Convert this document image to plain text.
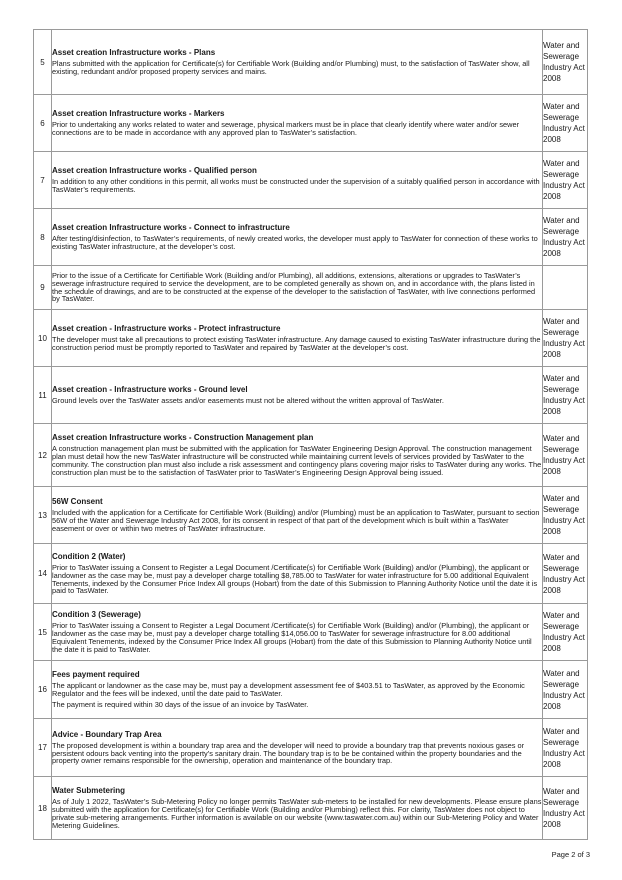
5	Asset creation Infrastructure works - Plans
Plans submitted with the application for Certificate(s) for Certifiable Work (Building and/or Plumbing) must, to the satisfaction of TasWater show, all existing, redundant and/or proposed property services and mains.	Water and Sewerage Industry Act 2008
6	Asset creation Infrastructure works - Markers
Prior to undertaking any works related to water and sewerage, physical markers must be in place that clearly identify where water and/or sewer connections are to be made in accordance with any approved plan to TasWater’s satisfaction.	Water and Sewerage Industry Act 2008
7	Asset creation Infrastructure works - Qualified person
In addition to any other conditions in this permit, all works must be constructed under the supervision of a suitably qualified person in accordance with TasWater’s requirements.	Water and Sewerage Industry Act 2008
8	Asset creation Infrastructure works - Connect to infrastructure
After testing/disinfection, to TasWater’s requirements, of newly created works, the developer must apply to TasWater for connection of these works to existing TasWater infrastructure, at the developer’s cost.	Water and Sewerage Industry Act 2008
9	Prior to the issue of a Certificate for Certifiable Work (Building and/or Plumbing), all additions, extensions, alterations or upgrades to TasWater’s sewerage infrastructure required to service the development, are to be completed generally as shown on, and in accordance with, the plans listed in the schedule of drawings, and are to be constructed at the expense of the developer to the satisfaction of TasWater, with live connections performed by TasWater.	

10	Asset creation - Infrastructure works - Protect infrastructure
The developer must take all precautions to protect existing TasWater infrastructure. Any damage caused to existing TasWater infrastructure during the construction period must be promptly reported to TasWater and repaired by TasWater at the developer’s cost.	Water and Sewerage Industry Act 2008
11	Asset creation - Infrastructure works - Ground level
Ground levels over the TasWater assets and/or easements must not be altered without the written approval of TasWater.	Water and Sewerage Industry Act 2008
12	Asset creation Infrastructure works - Construction Management plan
A construction management plan must be submitted with the application for TasWater Engineering Design Approval. The construction management plan must detail how the new TasWater infrastructure will be constructed while maintaining current levels of services provided by TasWater to the community. The construction plan must also include a risk assessment and contingency plans covering major risks to TasWater during any works. The construction plan must be to the satisfaction of TasWater prior to TasWater’s Engineering Design Approval being issued.	Water and Sewerage Industry Act 2008
13	56W Consent
Included with the application for a Certificate for Certifiable Work (Building) and/or (Plumbing) must be an application to TasWater, pursuant to section 56W of the Water and Sewerage Industry Act 2008, for its consent in respect of that part of the development which is built within a TasWater easement or over or within two metres of TasWater infrastructure.	Water and Sewerage Industry Act 2008
14	Condition 2 (Water)
Prior to TasWater issuing a Consent to Register a Legal Document /Certificate(s) for Certifiable Work (Building) and/or (Plumbing), the applicant or landowner as the case may be, must pay a developer charge totalling $8,785.00 to TasWater for water infrastructure for 5.00 additional Equivalent Tenements, indexed by the Consumer Price Index All groups (Hobart) from the date of this Submission to Planning Authority Notice until the date it is paid to TasWater.	Water and Sewerage Industry Act 2008
15	Condition 3 (Sewerage)
Prior to TasWater issuing a Consent to Register a Legal Document /Certificate(s) for Certifiable Work (Building) and/or (Plumbing), the applicant or landowner as the case may be, must pay a developer charge totalling $14,056.00 to TasWater for sewerage infrastructure for 8.00 additional Equivalent Tenements, indexed by the Consumer Price Index All groups (Hobart) from the date of this Submission to Planning Authority Notice until the date it is paid to TasWater.	Water and Sewerage Industry Act 2008
16	Fees payment required
The applicant or landowner as the case may be, must pay a development assessment fee of $403.51 to TasWater, as approved by the Economic Regulator and the fees will be indexed, until the date paid to TasWater.
The payment is required within 30 days of the issue of an invoice by TasWater.	Water and Sewerage Industry Act 2008
17	Advice - Boundary Trap Area
The proposed development is within a boundary trap area and the developer will need to provide a boundary trap that prevents noxious gases or persistent odours back venting into the property’s sanitary drain. The boundary trap is to be be contained within the property boundaries and the property owner remains responsible for the ownership, operation and maintenance of the boundary trap.	Water and Sewerage Industry Act 2008
18	Water Submetering
As of July 1 2022, TasWater’s Sub-Metering Policy no longer permits TasWater sub-meters to be installed for new developments. Please ensure plans submitted with the application for Certificate(s) for Certifiable Work (Building and/or Plumbing) reflect this. For clarity, TasWater does not object to private sub-metering arrangements. Further information is available on our website (www.taswater.com.au) within our Sub-Metering Policy and Water Metering Guidelines.	Water and Sewerage Industry Act 2008
Page 2 of 3
